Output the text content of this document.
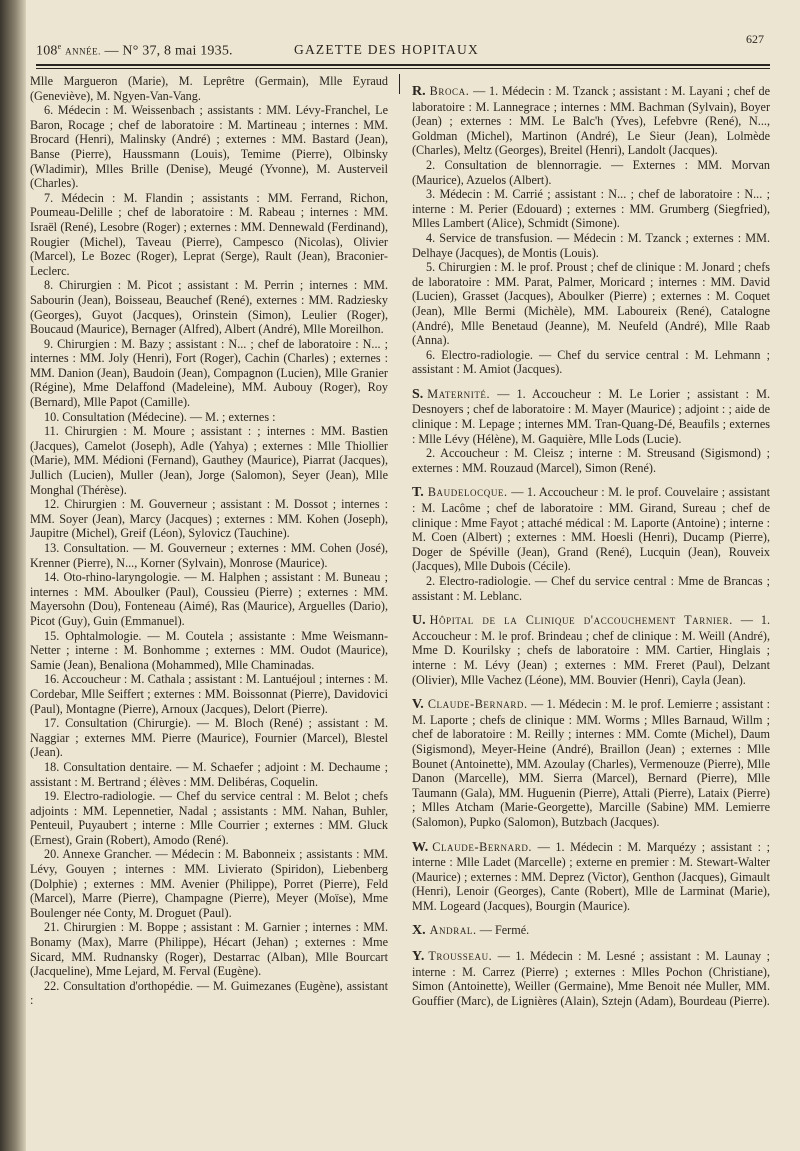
108e ANNÉE. — N° 37, 8 mai 1935.	GAZETTE DES HOPITAUX
627

Mlle Margueron (Marie), M. Leprêtre (Germain), Mlle Eyraud (Geneviève), M. Ngyen-Van-Vang.

6. Médecin : M. Weissenbach ; assistants : MM. Lévy-Franchel, Le Baron, Rocage ; chef de laboratoire : M. Martineau ; internes : MM. Brocard (Henri), Malinsky (André) ; externes : MM. Bastard (Jean), Banse (Pierre), Haussmann (Louis), Temime (Pierre), Olbinsky (Wladimir), Mlles Brille (Denise), Meugé (Yvonne), M. Austerveil (Charles).

7. Médecin : M. Flandin ; assistants : MM. Ferrand, Richon, Poumeau-Delille ; chef de laboratoire : M. Rabeau ; internes : MM. Israël (René), Lesobre (Roger) ; externes : MM. Dennewald (Ferdinand), Rougier (Michel), Taveau (Pierre), Campesco (Nicolas), Olivier (Marcel), Le Bozec (Roger), Leprat (Serge), Rault (Jean), Braconier-Leclerc.

8. Chirurgien : M. Picot ; assistant : M. Perrin ; internes : MM. Sabourin (Jean), Boisseau, Beauchef (René), externes : MM. Radziesky (Georges), Guyot (Jacques), Orinstein (Simon), Leulier (Roger), Boucaud (Maurice), Bernager (Alfred), Albert (André), Mlle Moreilhon.

9. Chirurgien : M. Bazy ; assistant : N... ; chef de laboratoire : N... ; internes : MM. Joly (Henri), Fort (Roger), Cachin (Charles) ; externes : MM. Danion (Jean), Baudoin (Jean), Compagnon (Lucien), Mlle Granier (Régine), Mme Delaffond (Madeleine), MM. Aubouy (Roger), Roy (Bernard), Mlle Papot (Camille).

10. Consultation (Médecine). — M. ; externes :

11. Chirurgien : M. Moure ; assistant : ; internes : MM. Bastien (Jacques), Camelot (Joseph), Adle (Yahya) ; externes : Mlle Thiollier (Marie), MM. Médioni (Fernand), Gauthey (Maurice), Piarrat (Jacques), Jullich (Lucien), Muller (Jean), Jorge (Salomon), Seyer (Jean), Mlle Monghal (Thérèse).

12. Chirurgien : M. Gouverneur ; assistant : M. Dossot ; internes : MM. Soyer (Jean), Marcy (Jacques) ; externes : MM. Kohen (Joseph), Jaupitre (Michel), Greif (Léon), Sylovicz (Tauchine).

13. Consultation. — M. Gouverneur ; externes : MM. Cohen (José), Krenner (Pierre), N..., Korner (Sylvain), Monrose (Maurice).

14. Oto-rhino-laryngologie. — M. Halphen ; assistant : M. Buneau ; internes : MM. Aboulker (Paul), Coussieu (Pierre) ; externes : MM. Mayersohn (Dou), Fonteneau (Aimé), Ras (Maurice), Arguelles (Dario), Picot (Guy), Guin (Emmanuel).

15. Ophtalmologie. — M. Coutela ; assistante : Mme Weismann-Netter ; interne : M. Bonhomme ; externes : MM. Oudot (Maurice), Samie (Jean), Benaliona (Mohammed), Mlle Chaminadas.

16. Accoucheur : M. Cathala ; assistant : M. Lantuéjoul ; internes : M. Cordebar, Mlle Seiffert ; externes : MM. Boissonnat (Pierre), Davidovici (Paul), Montagne (Pierre), Arnoux (Jacques), Delort (Pierre).

17. Consultation (Chirurgie). — M. Bloch (René) ; assistant : M. Naggiar ; externes MM. Pierre (Maurice), Fournier (Marcel), Blestel (Jean).

18. Consultation dentaire. — M. Schaefer ; adjoint : M. Dechaume ; assistant : M. Bertrand ; élèves : MM. Delibéras, Coquelin.

19. Electro-radiologie. — Chef du service central : M. Belot ; chefs adjoints : MM. Lepennetier, Nadal ; assistants : MM. Nahan, Buhler, Penteuil, Puyaubert ; interne : Mlle Courrier ; externes : MM. Gluck (Ernest), Grain (Robert), Amodo (René).

20. Annexe Grancher. — Médecin : M. Babonneix ; assistants : MM. Lévy, Gouyen ; internes : MM. Livierato (Spiridon), Liebenberg (Dolphie) ; externes : MM. Avenier (Philippe), Porret (Pierre), Feld (Marcel), Marre (Pierre), Champagne (Pierre), Meyer (Moïse), Mme Boulenger née Conty, M. Droguet (Paul).

21. Chirurgien : M. Boppe ; assistant : M. Garnier ; internes : MM. Bonamy (Max), Marre (Philippe), Hécart (Jehan) ; externes : Mme Sicard, MM. Rudnansky (Roger), Destarrac (Alban), Mlle Bourcart (Jacqueline), Mme Lejard, M. Ferval (Eugène).

22. Consultation d'orthopédie. — M. Guimezanes (Eugène), assistant :

R. Broca. — 1. Médecin : M. Tzanck ; assistant : M. Layani ; chef de laboratoire : M. Lannegrace ; internes : MM. Bachman (Sylvain), Boyer (Jean) ; externes : MM. Le Balc'h (Yves), Lefebvre (René), N..., Goldman (Michel), Martinon (André), Le Sieur (Jean), Lolmède (Charles), Meltz (Georges), Breitel (Henri), Landolt (Jacques).

2. Consultation de blennorragie. — Externes : MM. Morvan (Maurice), Azuelos (Albert).

3. Médecin : M. Carrié ; assistant : N... ; chef de laboratoire : N... ; interne : M. Perier (Edouard) ; externes : MM. Grumberg (Siegfried), Mlles Lambert (Alice), Schmidt (Simone).

4. Service de transfusion. — Médecin : M. Tzanck ; externes : MM. Delhaye (Jacques), de Montis (Louis).

5. Chirurgien : M. le prof. Proust ; chef de clinique : M. Jonard ; chefs de laboratoire : MM. Parat, Palmer, Moricard ; internes : MM. David (Lucien), Grasset (Jacques), Aboulker (Pierre) ; externes : M. Coquet (Jean), Mlle Bermi (Michèle), MM. Laboureix (René), Catalogne (André), Mlle Benetaud (Jeanne), M. Neufeld (André), Mlle Raab (Anna).

6. Electro-radiologie. — Chef du service central : M. Lehmann ; assistant : M. Amiot (Jacques).

S. Maternité. — 1. Accoucheur : M. Le Lorier ; assistant : M. Desnoyers ; chef de laboratoire : M. Mayer (Maurice) ; adjoint : ; aide de clinique : M. Lepage ; internes MM. Tran-Quang-Dé, Beaufils ; externes : Mlle Lévy (Hélène), M. Gaquière, Mlle Lods (Lucie).

2. Accoucheur : M. Cleisz ; interne : M. Streusand (Sigismond) ; externes : MM. Rouzaud (Marcel), Simon (René).

T. Baudelocque. — 1. Accoucheur : M. le prof. Couvelaire ; assistant : M. Lacôme ; chef de laboratoire : MM. Girand, Sureau ; chef de clinique : Mme Fayot ; attaché médical : M. Laporte (Antoine) ; interne : M. Coen (Albert) ; externes : MM. Hoesli (Henri), Ducamp (Pierre), Doger de Spéville (Jean), Grand (René), Lucquin (Jean), Rouveix (Jacques), Mlle Dubois (Cécile).

2. Electro-radiologie. — Chef du service central : Mme de Brancas ; assistant : M. Leblanc.

U. Hôpital de la Clinique d'accouchement Tarnier. — 1. Accoucheur : M. le prof. Brindeau ; chef de clinique : M. Weill (André), Mme D. Kourilsky ; chefs de laboratoire : MM. Cartier, Hinglais ; interne : M. Lévy (Jean) ; externes : MM. Freret (Paul), Delzant (Olivier), Mlle Vachez (Léone), MM. Bouvier (Henri), Cayla (Jean).

V. Claude-Bernard. — 1. Médecin : M. le prof. Lemierre ; assistant : M. Laporte ; chefs de clinique : MM. Worms ; Mlles Barnaud, Willm ; chef de laboratoire : M. Reilly ; internes : MM. Comte (Michel), Daum (Sigismond), Meyer-Heine (André), Braillon (Jean) ; externes : Mlle Bounet (Antoinette), MM. Azoulay (Charles), Vermenouze (Pierre), Mlle Danon (Marcelle), MM. Sierra (Marcel), Bernard (Pierre), Mlle Taumann (Gala), MM. Huguenin (Pierre), Attali (Pierre), Lataix (Pierre) ; Mlles Atcham (Marie-Georgette), Marcille (Sabine) MM. Lemierre (Salomon), Pupko (Salomon), Butzbach (Jacques).

W. Claude-Bernard. — 1. Médecin : M. Marquézy ; assistant : ; interne : Mlle Ladet (Marcelle) ; externe en premier : M. Stewart-Walter (Maurice) ; externes : MM. Deprez (Victor), Genthon (Jacques), Gimault (Henri), Lenoir (Georges), Cante (Robert), Mlle de Larminat (Marie), MM. Logeard (Jacques), Bourgin (Maurice).

X. Andral. — Fermé.

Y. Trousseau. — 1. Médecin : M. Lesné ; assistant : M. Launay ; interne : M. Carrez (Pierre) ; externes : Mlles Pochon (Christiane), Simon (Antoinette), Weiller (Germaine), Mme Benoit née Muller, MM. Gouffier (Marc), de Lignières (Alain), Sztejn (Adam), Bourdeau (Pierre).
